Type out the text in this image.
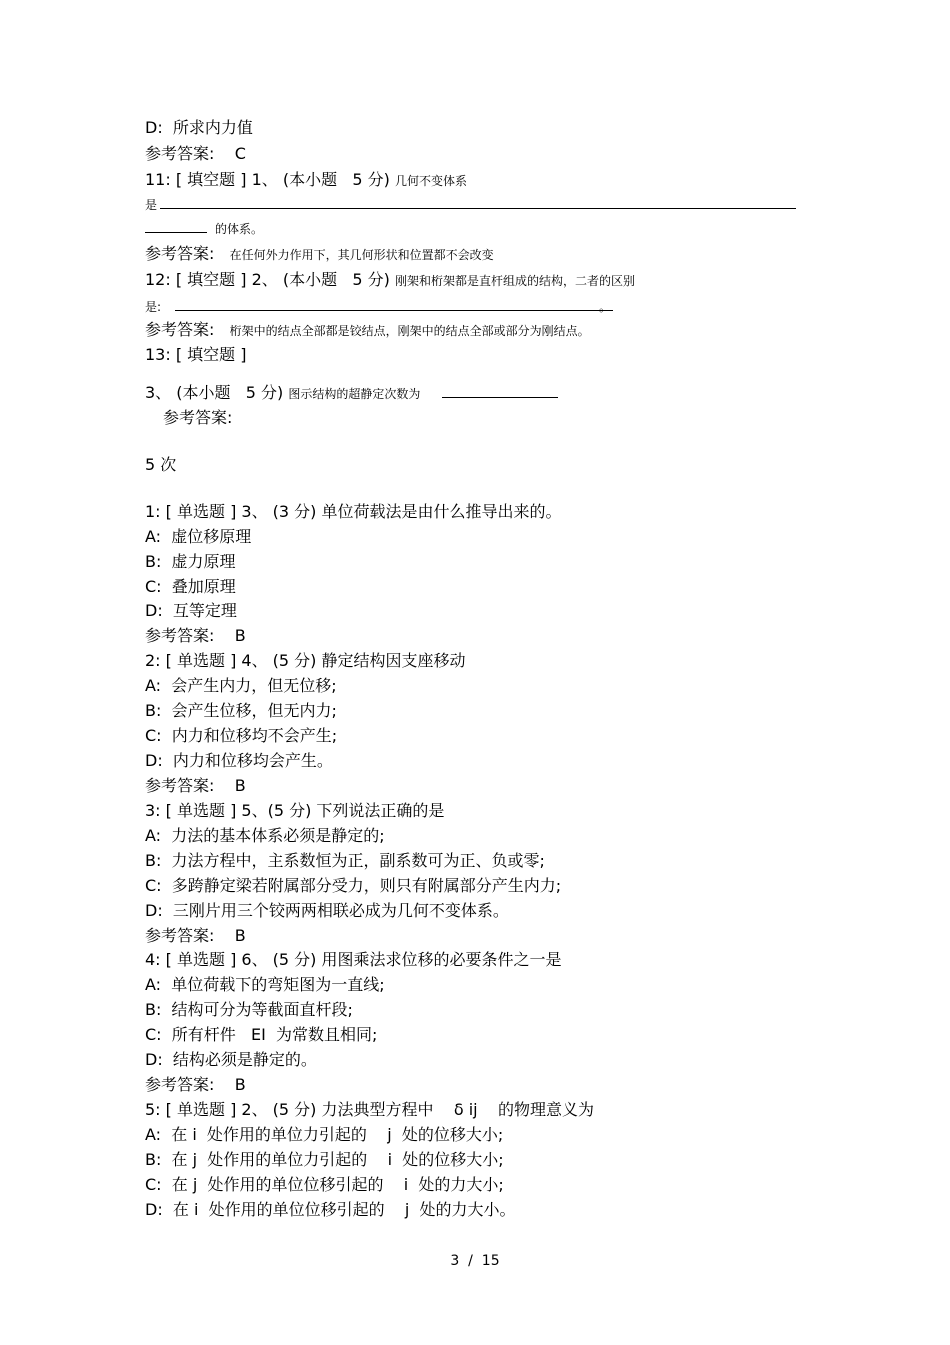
D:  所求内力值
参考答案:    C
11: [ 填空题 ] 1、 (本小题   5 分) 几何不变体系
是
的体系。
参考答案:   在任何外力作用下，其几何形状和位置都不会改变
12: [ 填空题 ] 2、 (本小题   5 分) 刚架和桁架都是直杆组成的结构，二者的区别
是:	。
参考答案:   桁架中的结点全部都是铰结点，刚架中的结点全部或部分为刚结点。
13: [ 填空题 ]
3、 (本小题   5 分) 图示结构的超静定次数为
参考答案:
5 次
1: [ 单选题 ] 3、 (3 分) 单位荷载法是由什么推导出来的。
A:  虚位移原理
B:  虚力原理
C:  叠加原理
D:  互等定理
参考答案:    B
2: [ 单选题 ] 4、 (5 分) 静定结构因支座移动
A:  会产生内力，但无位移;
B:  会产生位移，但无内力;
C:  内力和位移均不会产生;
D:  内力和位移均会产生。
参考答案:    B
3: [ 单选题 ] 5、(5 分) 下列说法正确的是
A:  力法的基本体系必须是静定的;
B:  力法方程中，主系数恒为正，副系数可为正、负或零;
C:  多跨静定梁若附属部分受力，则只有附属部分产生内力;
D:  三刚片用三个铰两两相联必成为几何不变体系。
参考答案:    B
4: [ 单选题 ] 6、 (5 分) 用图乘法求位移的必要条件之一是
A:  单位荷载下的弯矩图为一直线;
B:  结构可分为等截面直杆段;
C:  所有杆件   EI  为常数且相同;
D:  结构必须是静定的。
参考答案:    B
5: [ 单选题 ] 2、 (5 分) 力法典型方程中    δ ij    的物理意义为
A:  在 i  处作用的单位力引起的    j  处的位移大小;
B:  在 j  处作用的单位力引起的    i  处的位移大小;
C:  在 j  处作用的单位位移引起的    i  处的力大小;
D:  在 i  处作用的单位位移引起的    j  处的力大小。
3  /  15
